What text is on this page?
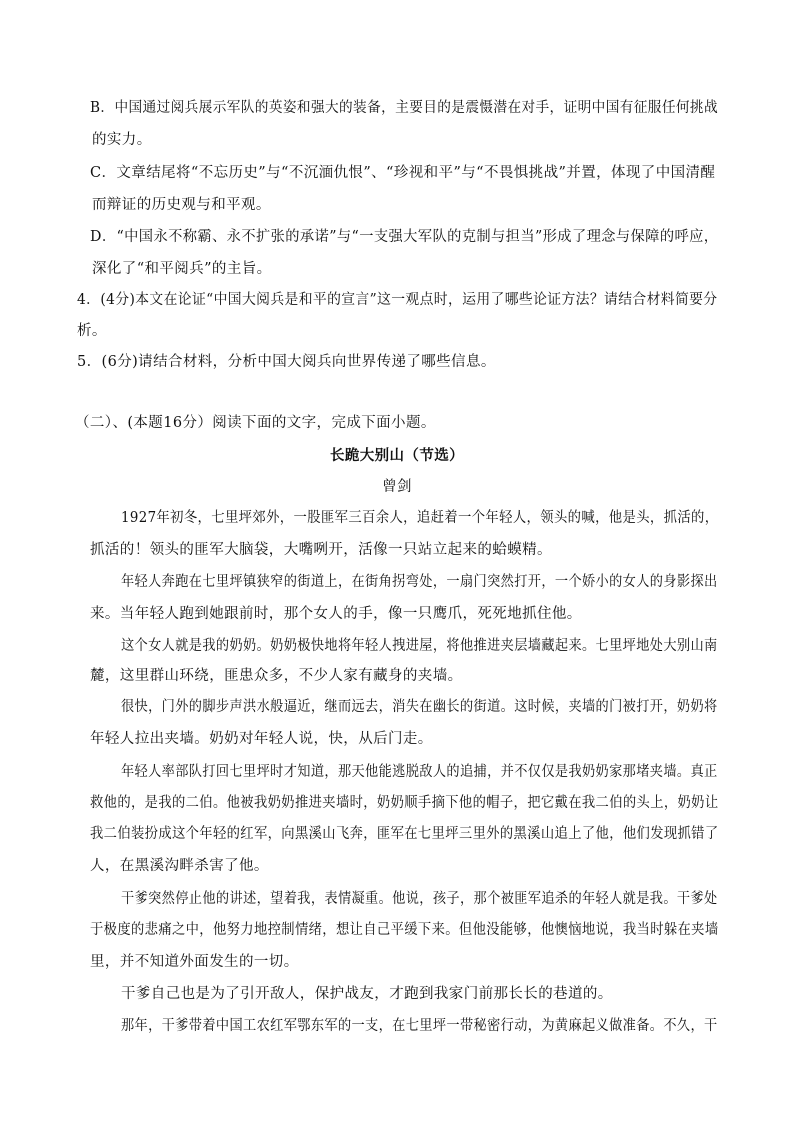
B．中国通过阅兵展示军队的英姿和强大的装备，主要目的是震慑潜在对手，证明中国有征服任何挑战
的实力。
C．文章结尾将“不忘历史”与“不沉湎仇恨”、“珍视和平”与“不畏惧挑战”并置，体现了中国清醒
而辩证的历史观与和平观。
D．“中国永不称霸、永不扩张的承诺”与“一支强大军队的克制与担当”形成了理念与保障的呼应，
深化了“和平阅兵”的主旨。
4．(4分)本文在论证“中国大阅兵是和平的宣言”这一观点时，运用了哪些论证方法？请结合材料简要分
析。
5．(6分)请结合材料，分析中国大阅兵向世界传递了哪些信息。
（二）、(本题16分）阅读下面的文字，完成下面小题。
长跪大别山（节选）
曾剑
1927年初冬，七里坪郊外，一股匪军三百余人，追赶着一个年轻人，领头的喊，他是头，抓活的，
抓活的！领头的匪军大脑袋，大嘴咧开，活像一只站立起来的蛤蟆精。
年轻人奔跑在七里坪镇狭窄的街道上，在街角拐弯处，一扇门突然打开，一个娇小的女人的身影探出
来。当年轻人跑到她跟前时，那个女人的手，像一只鹰爪，死死地抓住他。
这个女人就是我的奶奶。奶奶极快地将年轻人拽进屋，将他推进夹层墙藏起来。七里坪地处大别山南
麓，这里群山环绕，匪患众多，不少人家有藏身的夹墙。
很快，门外的脚步声洪水般逼近，继而远去，消失在幽长的街道。这时候，夹墙的门被打开，奶奶将
年轻人拉出夹墙。奶奶对年轻人说，快，从后门走。
年轻人率部队打回七里坪时才知道，那天他能逃脱敌人的追捕，并不仅仅是我奶奶家那堵夹墙。真正
救他的，是我的二伯。他被我奶奶推进夹墙时，奶奶顺手摘下他的帽子，把它戴在我二伯的头上，奶奶让
我二伯装扮成这个年轻的红军，向黑溪山飞奔，匪军在七里坪三里外的黑溪山追上了他，他们发现抓错了
人，在黑溪沟畔杀害了他。
干爹突然停止他的讲述，望着我，表情凝重。他说，孩子，那个被匪军追杀的年轻人就是我。干爹处
于极度的悲痛之中，他努力地控制情绪，想让自己平缓下来。但他没能够，他懊恼地说，我当时躲在夹墙
里，并不知道外面发生的一切。
干爹自己也是为了引开敌人，保护战友，才跑到我家门前那长长的巷道的。
那年，干爹带着中国工农红军鄂东军的一支，在七里坪一带秘密行动，为黄麻起义做准备。不久，干
